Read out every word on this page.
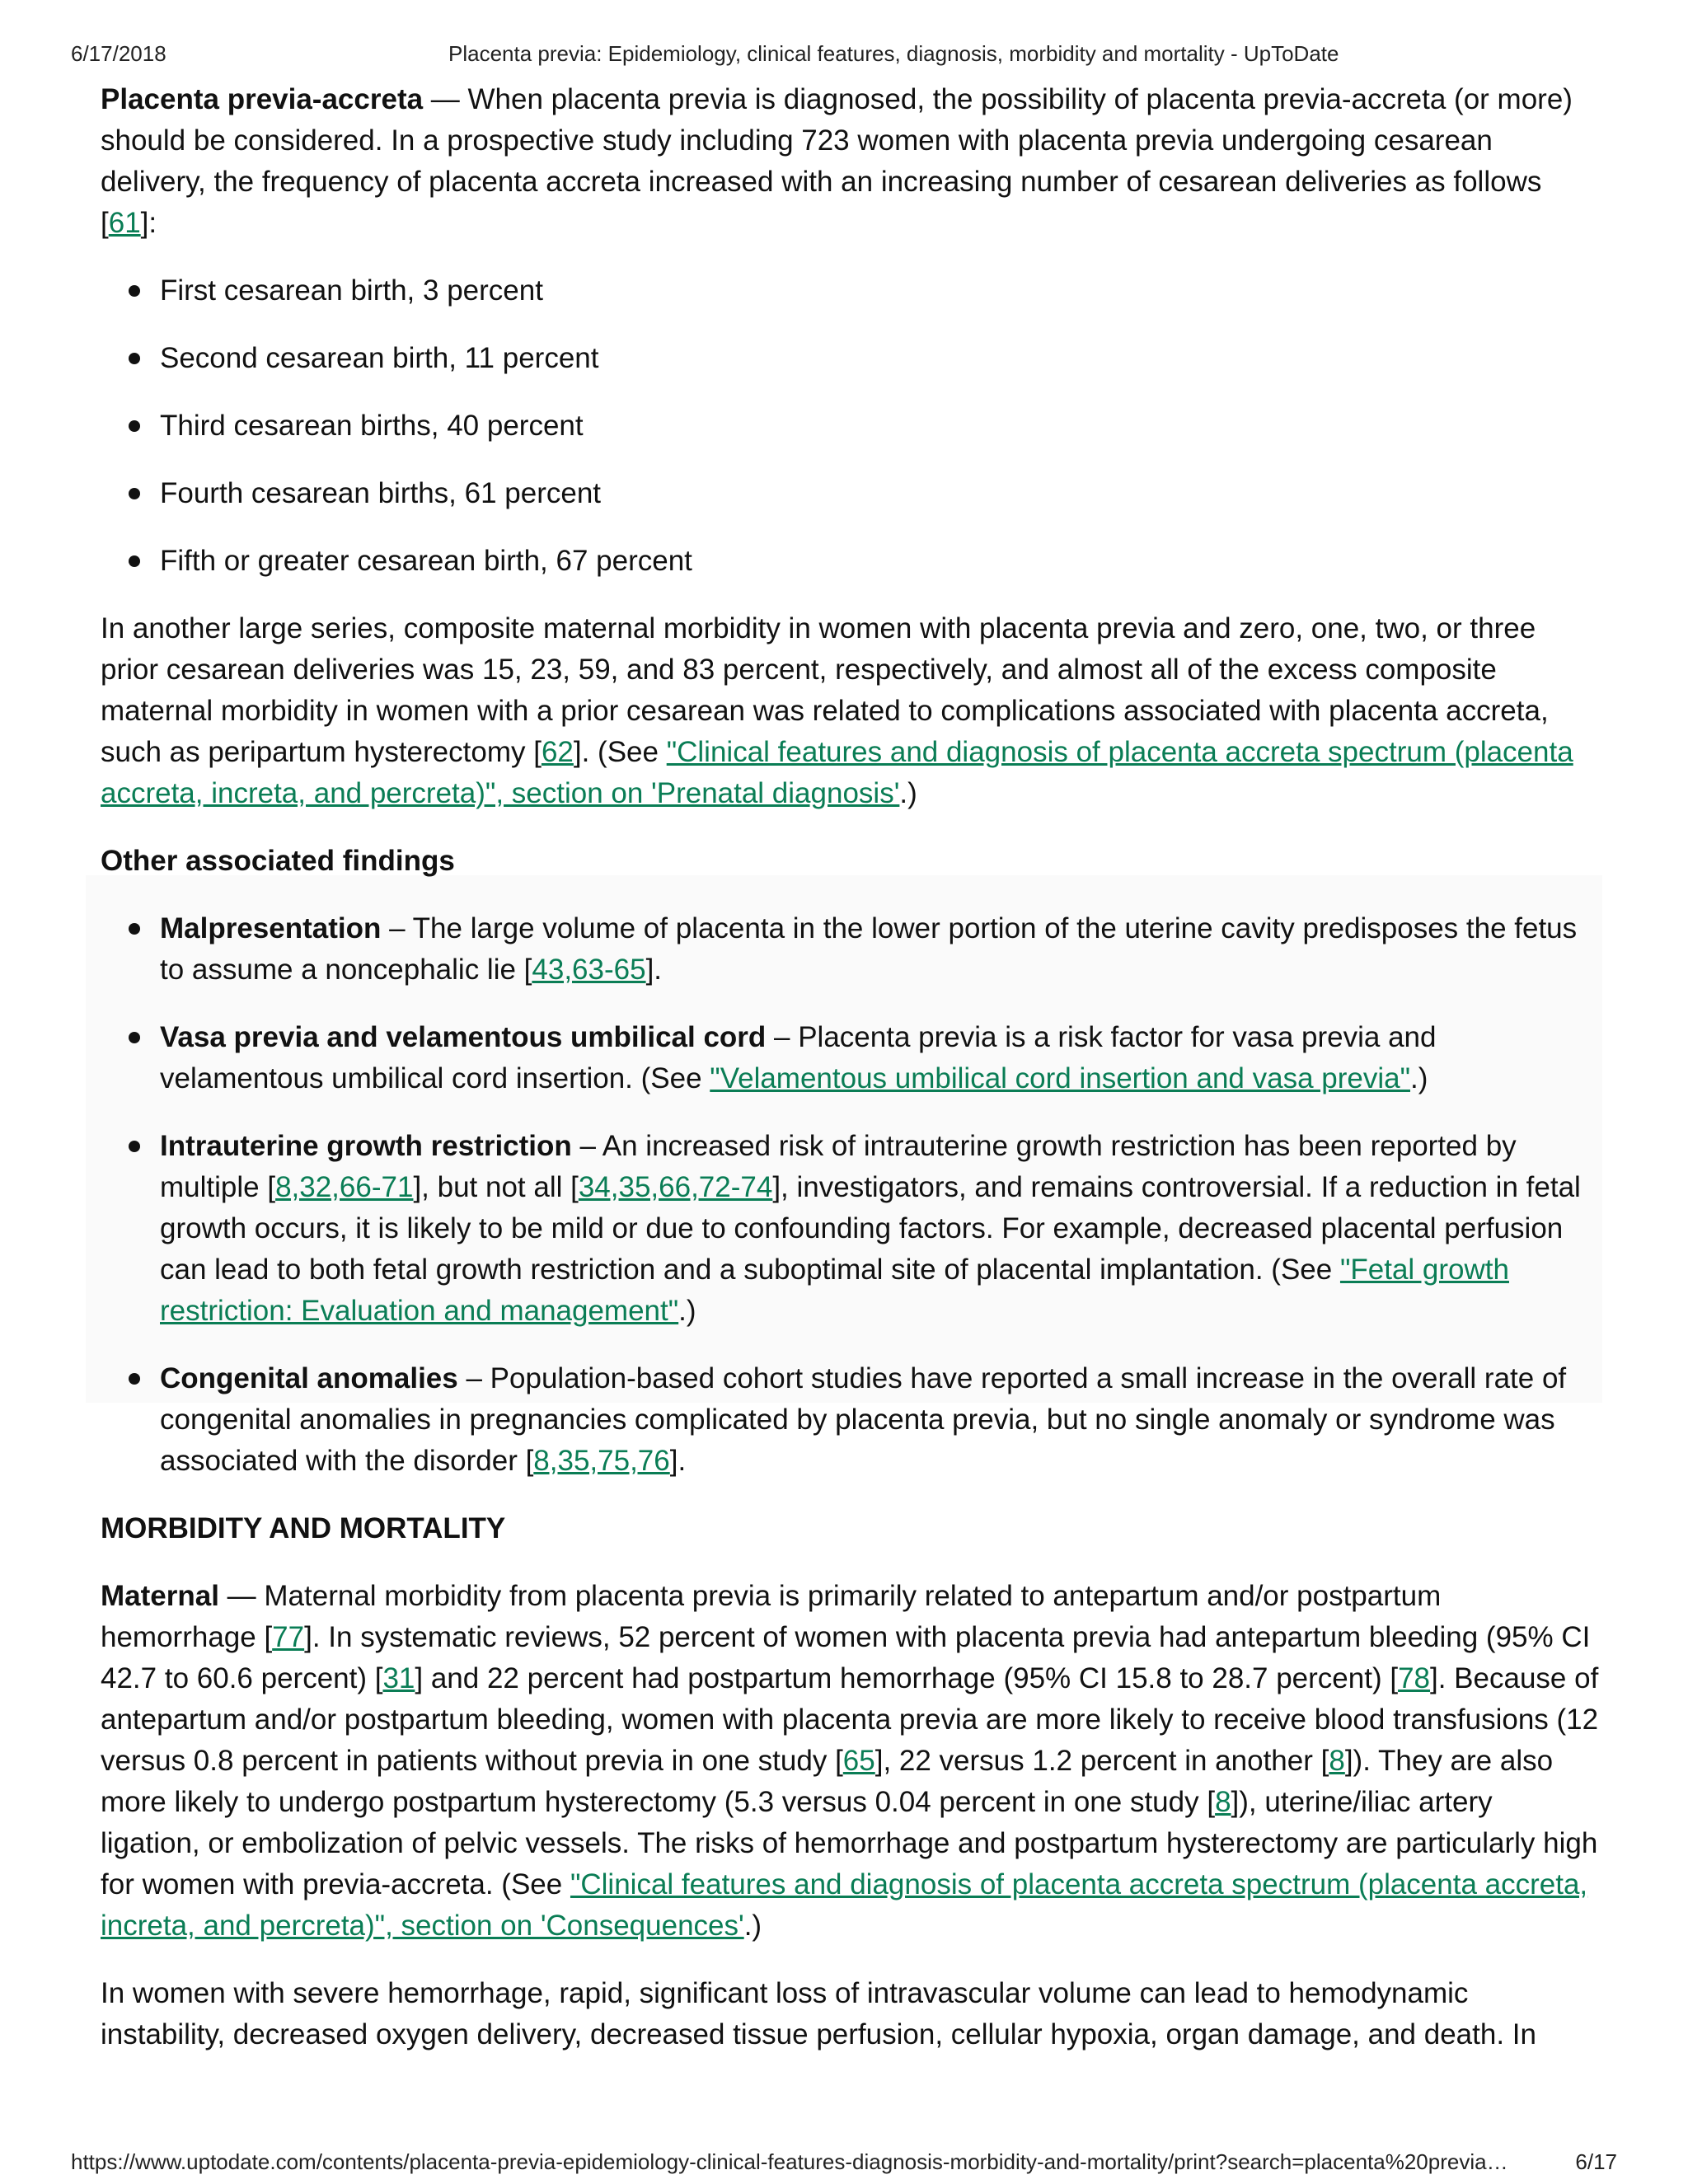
6/17/2018	Placenta previa: Epidemiology, clinical features, diagnosis, morbidity and mortality - UpToDate

Placenta previa-accreta — When placenta previa is diagnosed, the possibility of placenta previa-accreta (or more) should be considered. In a prospective study including 723 women with placenta previa undergoing cesarean delivery, the frequency of placenta accreta increased with an increasing number of cesarean deliveries as follows [61]:

First cesarean birth, 3 percent
Second cesarean birth, 11 percent
Third cesarean births, 40 percent
Fourth cesarean births, 61 percent
Fifth or greater cesarean birth, 67 percent

In another large series, composite maternal morbidity in women with placenta previa and zero, one, two, or three prior cesarean deliveries was 15, 23, 59, and 83 percent, respectively, and almost all of the excess composite maternal morbidity in women with a prior cesarean was related to complications associated with placenta accreta, such as peripartum hysterectomy [62]. (See "Clinical features and diagnosis of placenta accreta spectrum (placenta accreta, increta, and percreta)", section on 'Prenatal diagnosis'.)

Other associated findings

Malpresentation – The large volume of placenta in the lower portion of the uterine cavity predisposes the fetus to assume a noncephalic lie [43,63-65].
Vasa previa and velamentous umbilical cord – Placenta previa is a risk factor for vasa previa and velamentous umbilical cord insertion. (See "Velamentous umbilical cord insertion and vasa previa".)
Intrauterine growth restriction – An increased risk of intrauterine growth restriction has been reported by multiple [8,32,66-71], but not all [34,35,66,72-74], investigators, and remains controversial. If a reduction in fetal growth occurs, it is likely to be mild or due to confounding factors. For example, decreased placental perfusion can lead to both fetal growth restriction and a suboptimal site of placental implantation. (See "Fetal growth restriction: Evaluation and management".)
Congenital anomalies – Population-based cohort studies have reported a small increase in the overall rate of congenital anomalies in pregnancies complicated by placenta previa, but no single anomaly or syndrome was associated with the disorder [8,35,75,76].

MORBIDITY AND MORTALITY

Maternal — Maternal morbidity from placenta previa is primarily related to antepartum and/or postpartum hemorrhage [77]. In systematic reviews, 52 percent of women with placenta previa had antepartum bleeding (95% CI 42.7 to 60.6 percent) [31] and 22 percent had postpartum hemorrhage (95% CI 15.8 to 28.7 percent) [78]. Because of antepartum and/or postpartum bleeding, women with placenta previa are more likely to receive blood transfusions (12 versus 0.8 percent in patients without previa in one study [65], 22 versus 1.2 percent in another [8]). They are also more likely to undergo postpartum hysterectomy (5.3 versus 0.04 percent in one study [8]), uterine/iliac artery ligation, or embolization of pelvic vessels. The risks of hemorrhage and postpartum hysterectomy are particularly high for women with previa-accreta. (See "Clinical features and diagnosis of placenta accreta spectrum (placenta accreta, increta, and percreta)", section on 'Consequences'.)

In women with severe hemorrhage, rapid, significant loss of intravascular volume can lead to hemodynamic instability, decreased oxygen delivery, decreased tissue perfusion, cellular hypoxia, organ damage, and death. In

https://www.uptodate.com/contents/placenta-previa-epidemiology-clinical-features-diagnosis-morbidity-and-mortality/print?search=placenta%20previa…	6/17
